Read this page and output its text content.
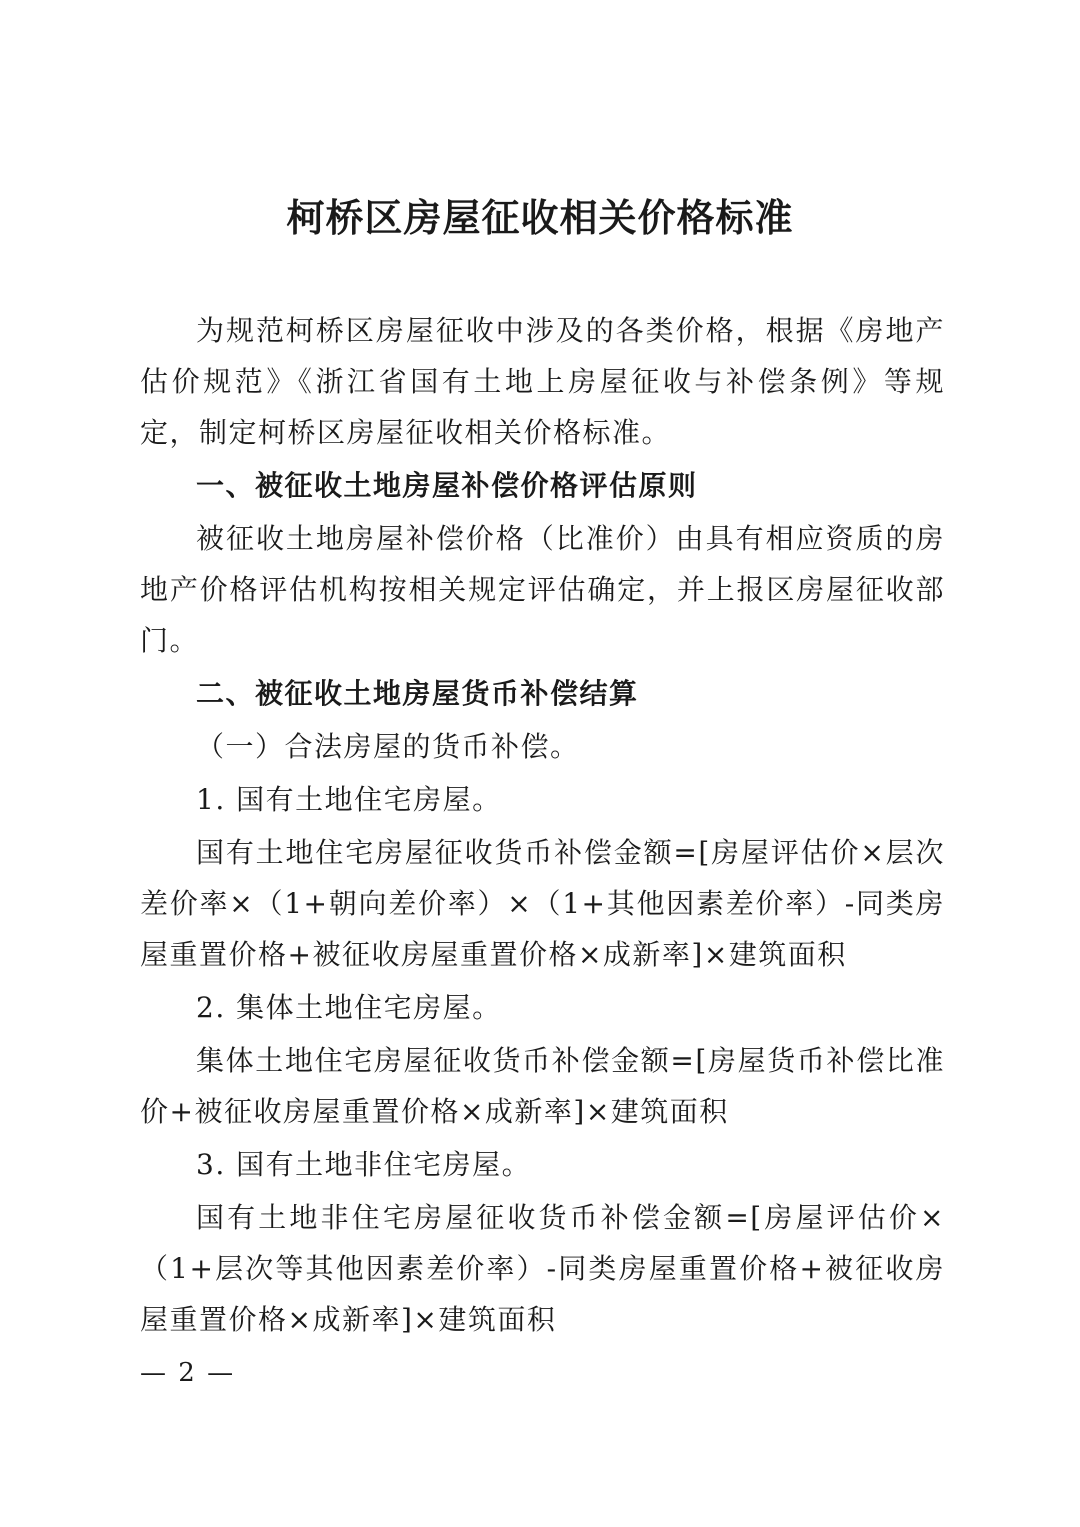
柯桥区房屋征收相关价格标准

为规范柯桥区房屋征收中涉及的各类价格，根据《房地产估价规范》《浙江省国有土地上房屋征收与补偿条例》等规定，制定柯桥区房屋征收相关价格标准。

一、被征收土地房屋补偿价格评估原则

被征收土地房屋补偿价格（比准价）由具有相应资质的房地产价格评估机构按相关规定评估确定，并上报区房屋征收部门。

二、被征收土地房屋货币补偿结算

（一）合法房屋的货币补偿。

1. 国有土地住宅房屋。

国有土地住宅房屋征收货币补偿金额=[房屋评估价×层次差价率×（1+朝向差价率）×（1+其他因素差价率）-同类房屋重置价格+被征收房屋重置价格×成新率]×建筑面积

2. 集体土地住宅房屋。

集体土地住宅房屋征收货币补偿金额=[房屋货币补偿比准价+被征收房屋重置价格×成新率]×建筑面积

3. 国有土地非住宅房屋。

国有土地非住宅房屋征收货币补偿金额=[房屋评估价×（1+层次等其他因素差价率）-同类房屋重置价格+被征收房屋重置价格×成新率]×建筑面积

— 2 —
